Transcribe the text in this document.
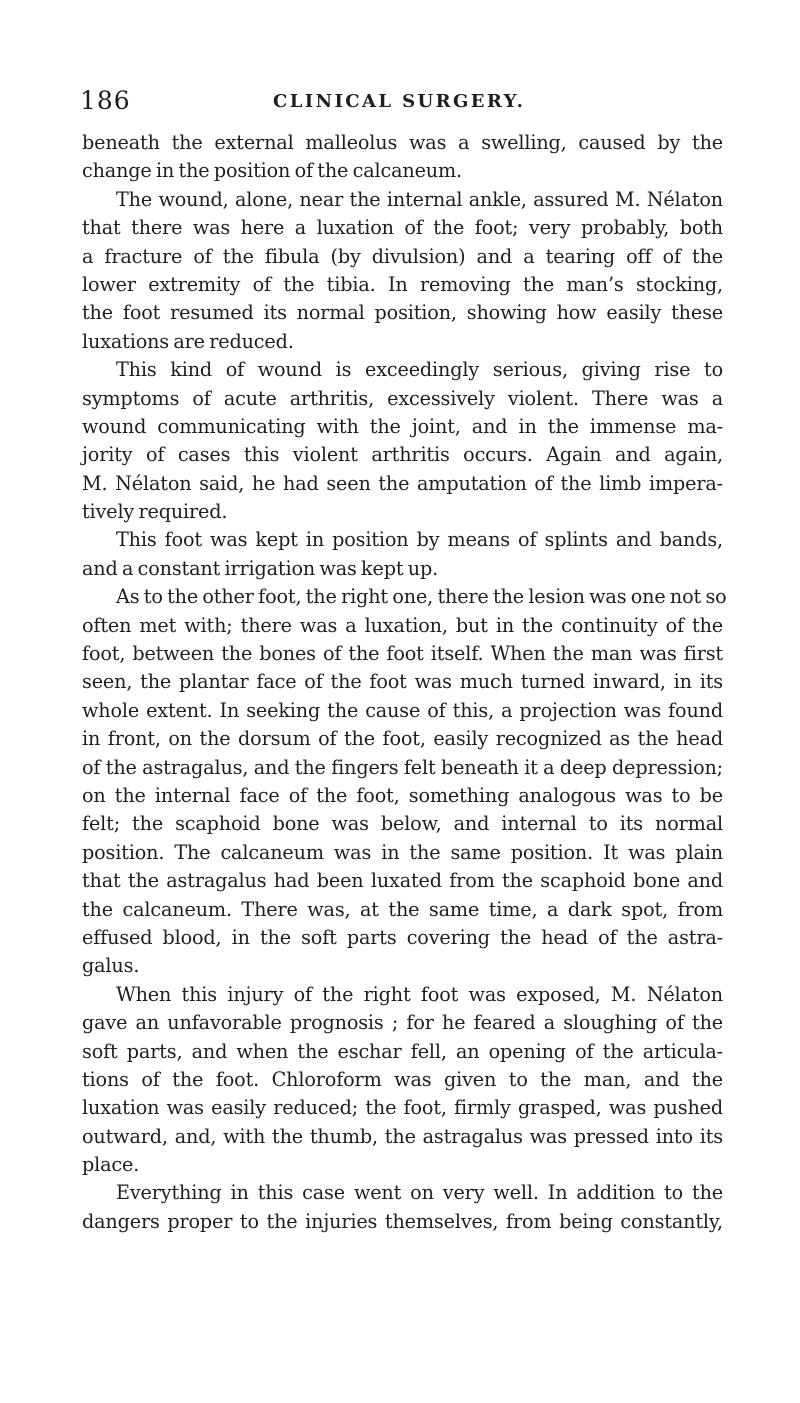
186	CLINICAL SURGERY.
beneath the external malleolus was a swelling, caused by the
change in the position of the calcaneum.
The wound, alone, near the internal ankle, assured M. Nélaton
that there was here a luxation of the foot; very probably, both
a fracture of the fibula (by divulsion) and a tearing off of the
lower extremity of the tibia. In removing the man’s stocking,
the foot resumed its normal position, showing how easily these
luxations are reduced.
This kind of wound is exceedingly serious, giving rise to
symptoms of acute arthritis, excessively violent. There was a
wound communicating with the joint, and in the immense ma-
jority of cases this violent arthritis occurs. Again and again,
M. Nélaton said, he had seen the amputation of the limb impera-
tively required.
This foot was kept in position by means of splints and bands,
and a constant irrigation was kept up.
As to the other foot, the right one, there the lesion was one not so
often met with; there was a luxation, but in the continuity of the
foot, between the bones of the foot itself. When the man was first
seen, the plantar face of the foot was much turned inward, in its
whole extent. In seeking the cause of this, a projection was found
in front, on the dorsum of the foot, easily recognized as the head
of the astragalus, and the fingers felt beneath it a deep depression;
on the internal face of the foot, something analogous was to be
felt; the scaphoid bone was below, and internal to its normal
position. The calcaneum was in the same position. It was plain
that the astragalus had been luxated from the scaphoid bone and
the calcaneum. There was, at the same time, a dark spot, from
effused blood, in the soft parts covering the head of the astra-
galus.
When this injury of the right foot was exposed, M. Nélaton
gave an unfavorable prognosis ; for he feared a sloughing of the
soft parts, and when the eschar fell, an opening of the articula-
tions of the foot. Chloroform was given to the man, and the
luxation was easily reduced; the foot, firmly grasped, was pushed
outward, and, with the thumb, the astragalus was pressed into its
place.
Everything in this case went on very well. In addition to the
dangers proper to the injuries themselves, from being constantly,
